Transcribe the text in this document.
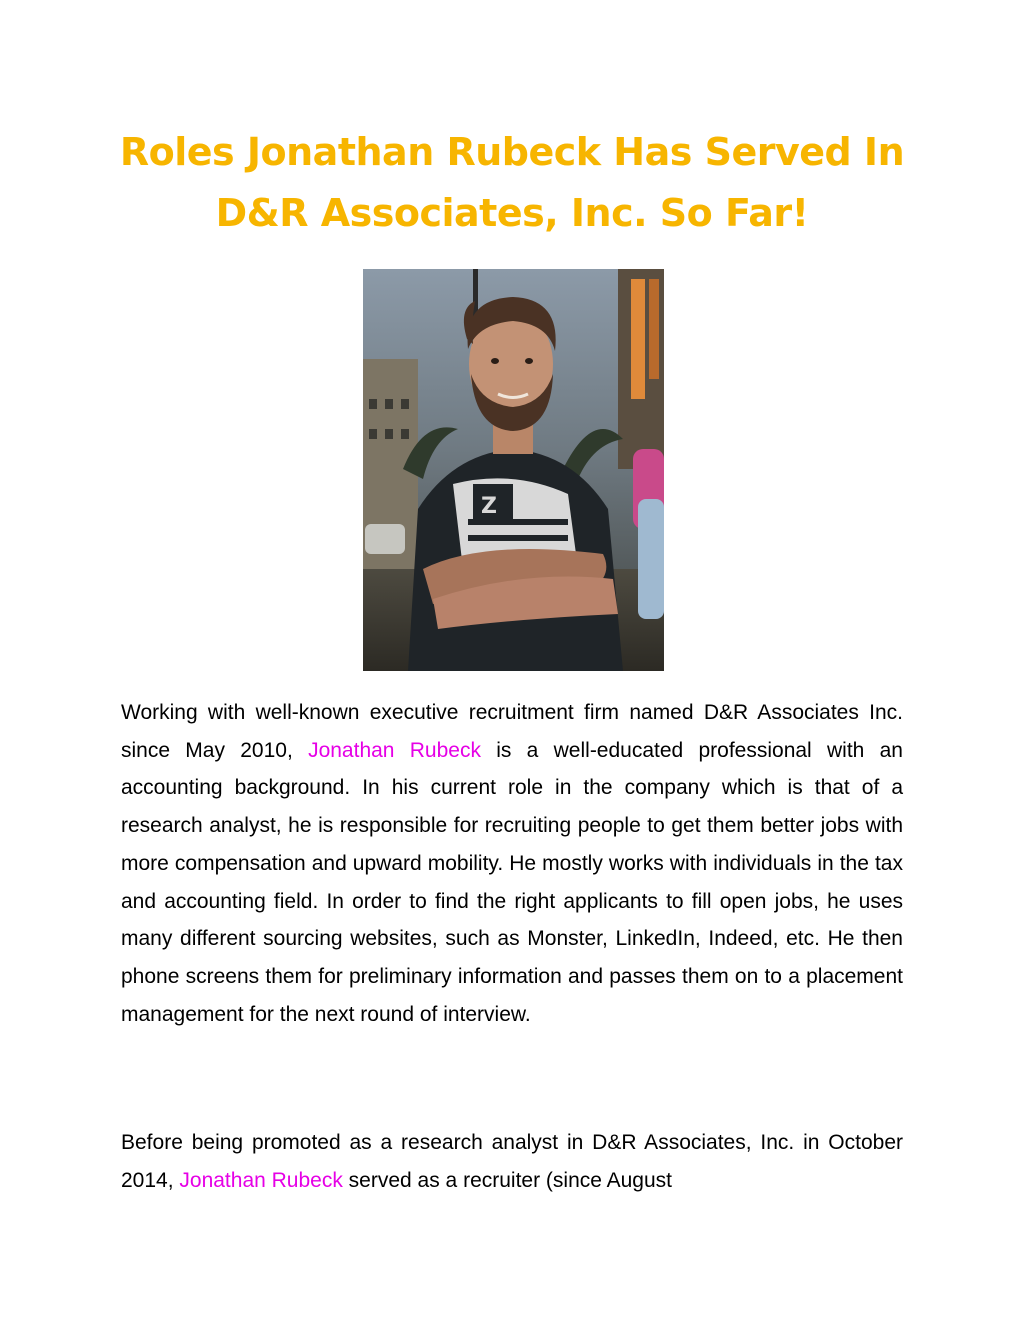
Roles Jonathan Rubeck Has Served In
D&R Associates, Inc. So Far!
Z

Working with well-known executive recruitment firm named D&R Associates Inc. since May 2010, Jonathan Rubeck is a well-educated professional with an accounting background. In his current role in the company which is that of a research analyst, he is responsible for recruiting people to get them better jobs with more compensation and upward mobility. He mostly works with individuals in the tax and accounting field. In order to find the right applicants to fill open jobs, he uses many different sourcing websites, such as Monster, LinkedIn, Indeed, etc. He then phone screens them for preliminary information and passes them on to a placement management for the next round of interview.

Before being promoted as a research analyst in D&R Associates, Inc. in October 2014, Jonathan Rubeck served as a recruiter (since August
